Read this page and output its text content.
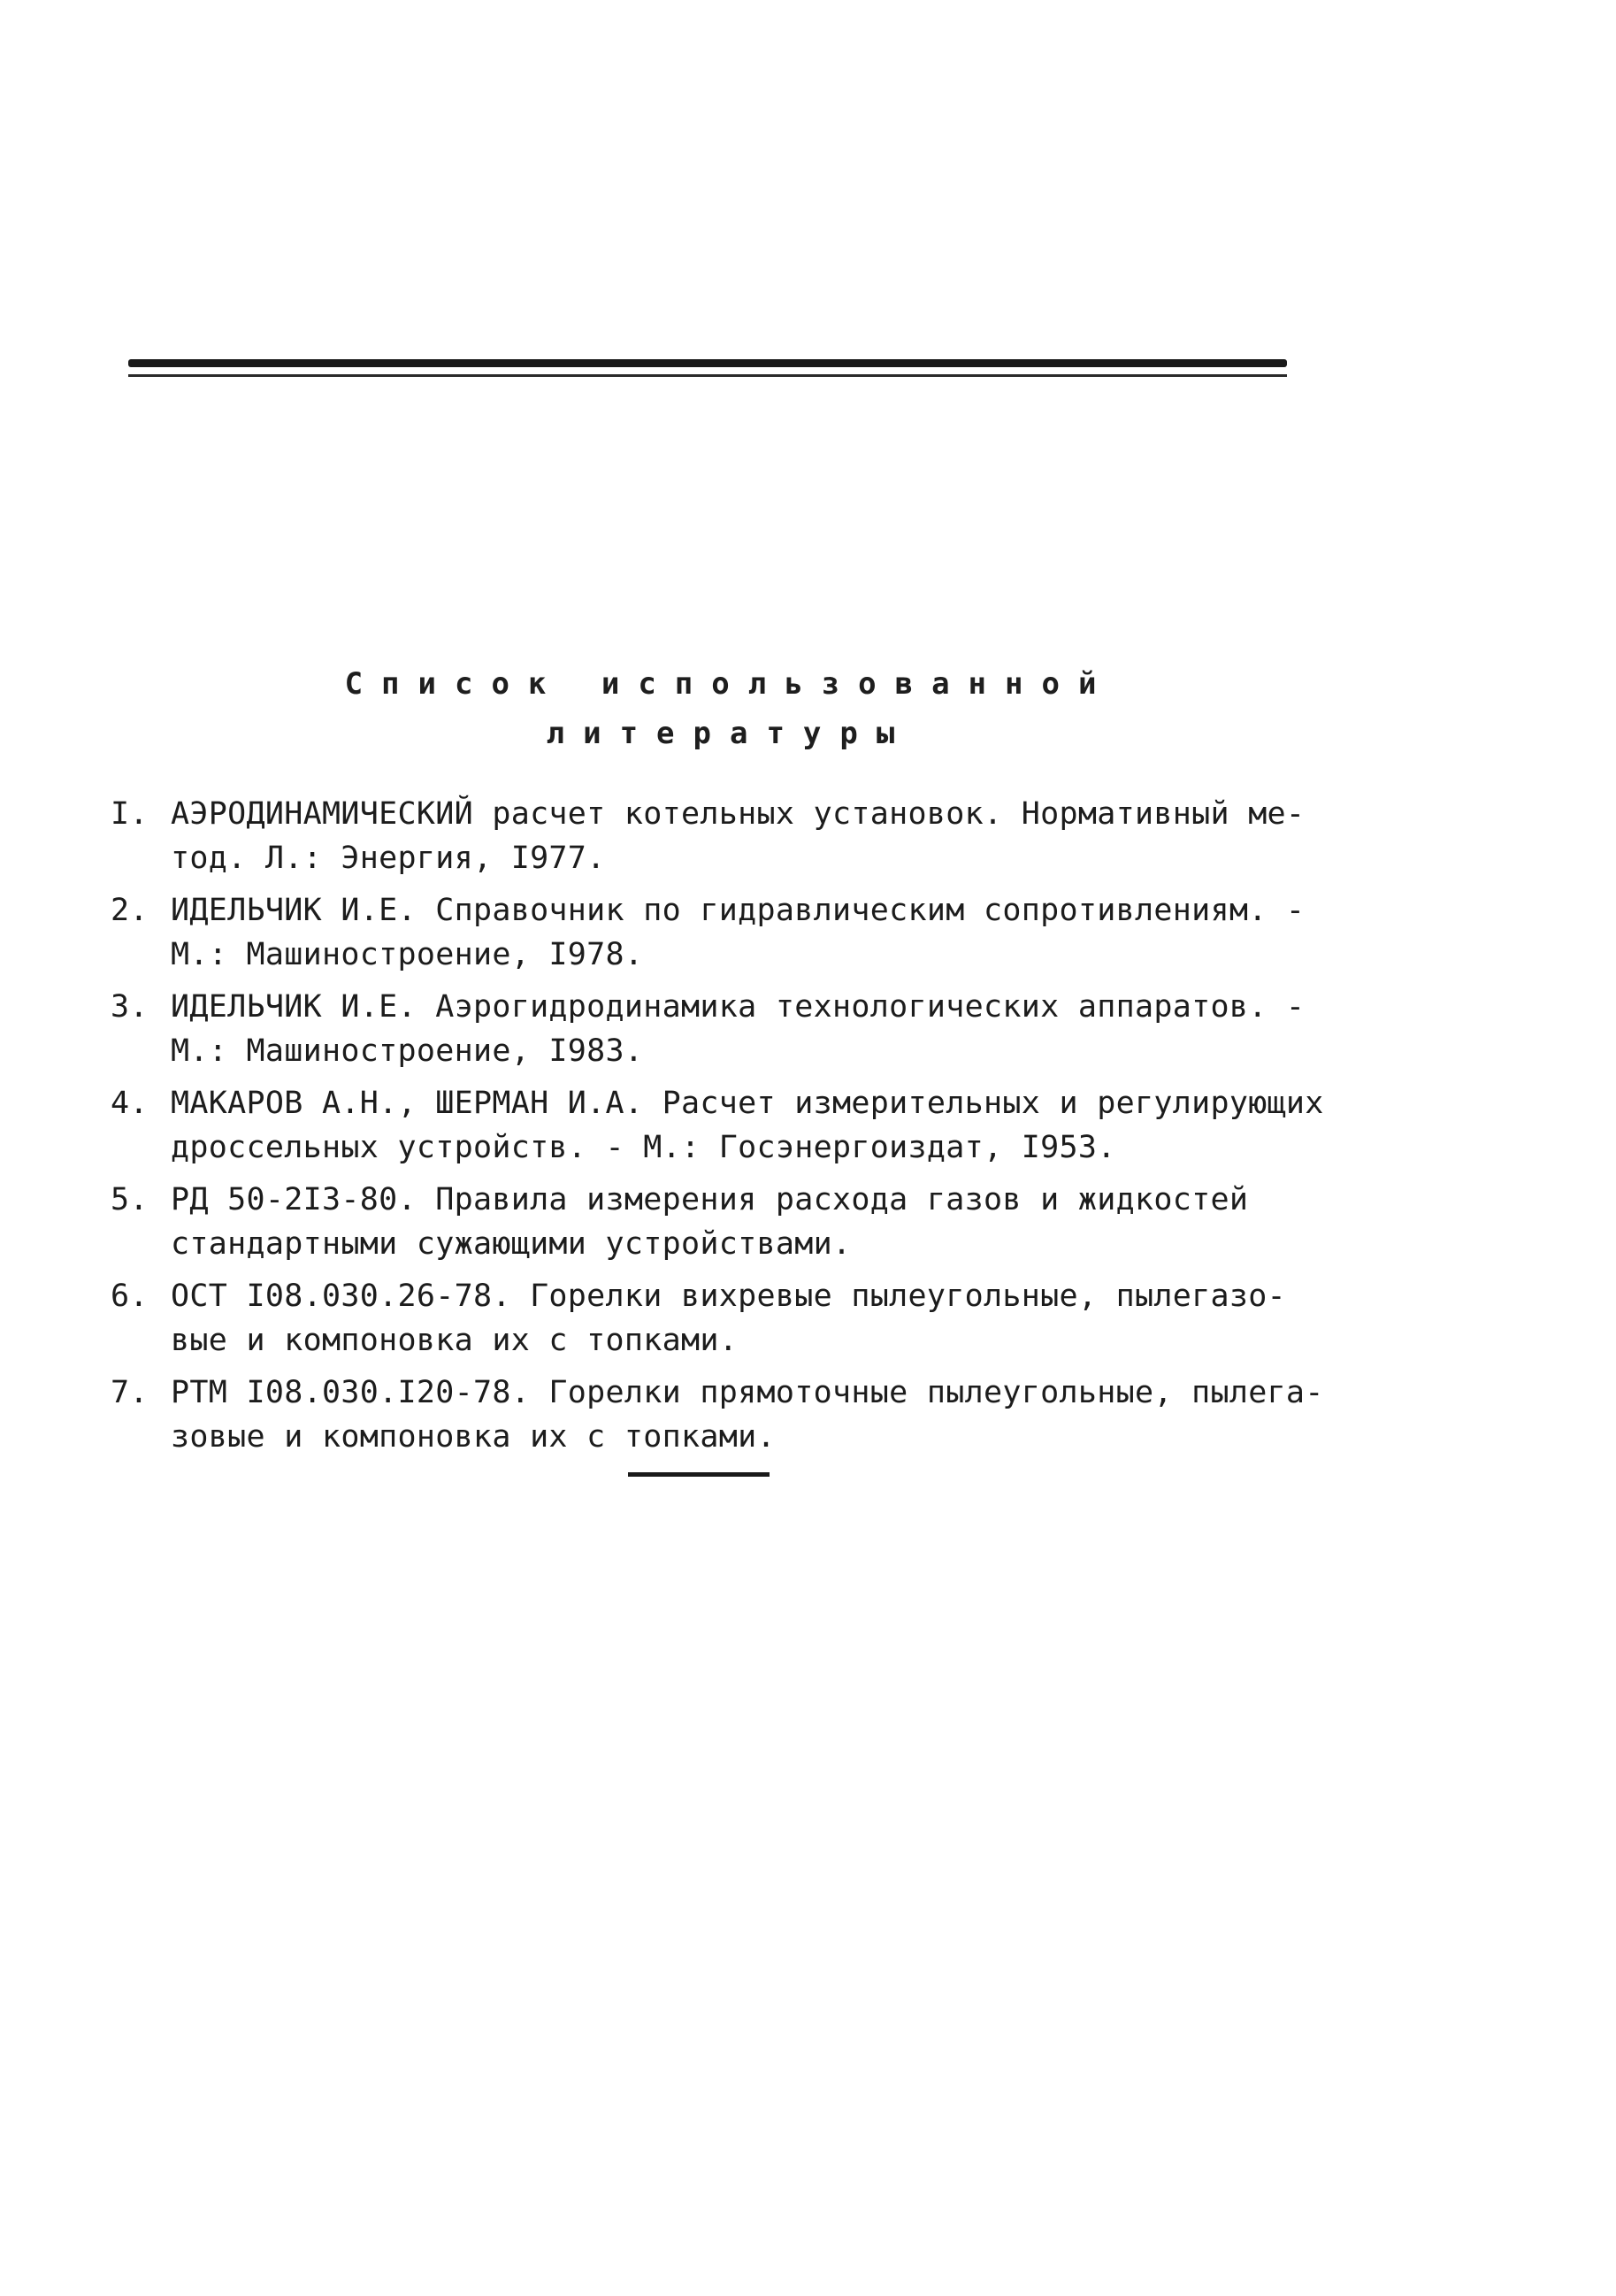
Список использованной
литературы
I. АЭРОДИНАМИЧЕСКИЙ расчет котельных установок. Нормативный ме-
тод. Л.: Энергия, I977.
2. ИДЕЛЬЧИК И.Е. Справочник по гидравлическим сопротивлениям. -
М.: Машиностроение, I978.
3. ИДЕЛЬЧИК И.Е. Аэрогидродинамика технологических аппаратов. -
М.: Машиностроение, I983.
4. МАКАРОВ А.Н., ШЕРМАН И.А. Расчет измерительных и регулирующих
дроссельных устройств. - М.: Госэнергоиздат, I953.
5. РД 50-2I3-80. Правила измерения расхода газов и жидкостей
стандартными сужающими устройствами.
6. ОСТ I08.030.26-78. Горелки вихревые пылеугольные, пылегазо-
вые и компоновка их с топками.
7. РТМ I08.030.I20-78. Горелки прямоточные пылеугольные, пылега-
зовые и компоновка их с топками.
